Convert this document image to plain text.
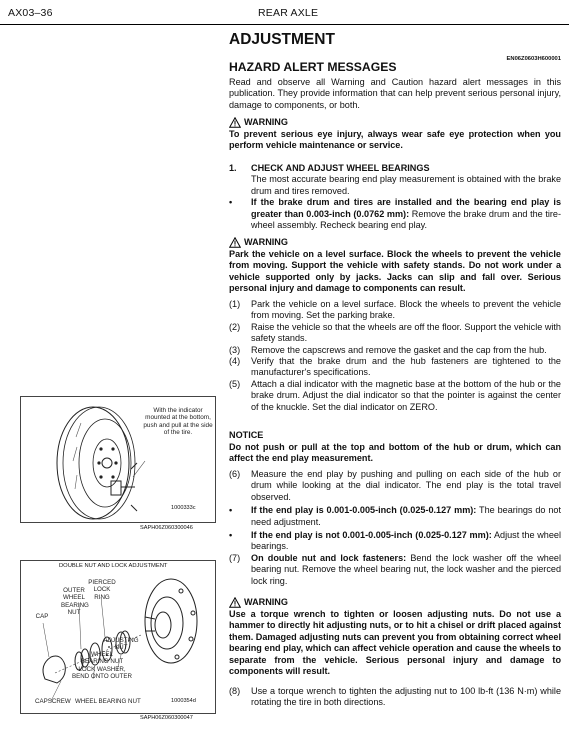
AX03–36	REAR AXLE
ADJUSTMENT
EN06Z0603H600001
HAZARD ALERT MESSAGES
Read and observe all Warning and Caution hazard alert messages in this publication. They provide information that can help prevent serious personal injury, damage to components, or both.
WARNING
To prevent serious eye injury, always wear safe eye protection when you perform vehicle maintenance or service.
1.	CHECK AND ADJUST WHEEL BEARINGS
The most accurate bearing end play measurement is obtained with the brake drum and tires removed.
•	If the brake drum and tires are installed and the bearing end play is greater than 0.003-inch (0.0762 mm): Remove the brake drum and the tire-wheel assembly. Recheck bearing end play.
WARNING
Park the vehicle on a level surface. Block the wheels to prevent the vehicle from moving. Support the vehicle with safety stands. Do not work under a vehicle supported only by jacks. Jacks can slip and fall over. Serious personal injury and damage to components can result.
(1)	Park the vehicle on a level surface. Block the wheels to prevent the vehicle from moving. Set the parking brake.
(2)	Raise the vehicle so that the wheels are off the floor. Support the vehicle with safety stands.
(3)	Remove the capscrews and remove the gasket and the cap from the hub.
(4)	Verify that the brake drum and the hub fasteners are tightened to the manufacturer's specifications.
(5)	Attach a dial indicator with the magnetic base at the bottom of the hub or the brake drum. Adjust the dial indicator so that the pointer is against the center of the knuckle. Set the dial indicator on ZERO.
NOTICE
Do not push or pull at the top and bottom of the hub or drum, which can affect the end play measurement.
(6)	Measure the end play by pushing and pulling on each side of the hub or drum while looking at the dial indicator. The end play is the total travel observed.
•	If the end play is 0.001-0.005-inch (0.025-0.127 mm): The bearings do not need adjustment.
•	If the end play is not 0.001-0.005-inch (0.025-0.127 mm): Adjust the wheel bearings.
(7)	On double nut and lock fasteners: Bend the lock washer off the wheel bearing nut. Remove the wheel bearing nut, the lock washer and the pierced lock ring.
WARNING
Use a torque wrench to tighten or loosen adjusting nuts. Do not use a hammer to directly hit adjusting nuts, or to hit a chisel or drift placed against them. Damaged adjusting nuts can prevent you from obtaining correct wheel bearing end play, which can affect vehicle operation and cause the wheels to separate from the vehicle. Serious personal injury and damage to components will result.
(8)	Use a torque wrench to tighten the adjusting nut to 100 lb-ft (136 N·m) while rotating the tire in both directions.
With the indicator mounted at the bottom, push and pull at the side of the tire.
1000333c
SAPH06Z060300046
DOUBLE NUT AND LOCK ADJUSTMENT
OUTER
WHEEL
BEARING
NUT
PIERCED
LOCK
RING
CAP
ADJUSTING
NUT
WHEEL
BEARING NUT
LOCK WASHER,
BEND ONTO OUTER
CAPSCREW WHEEL BEARING NUT	1000354d
SAPH06Z060300047
